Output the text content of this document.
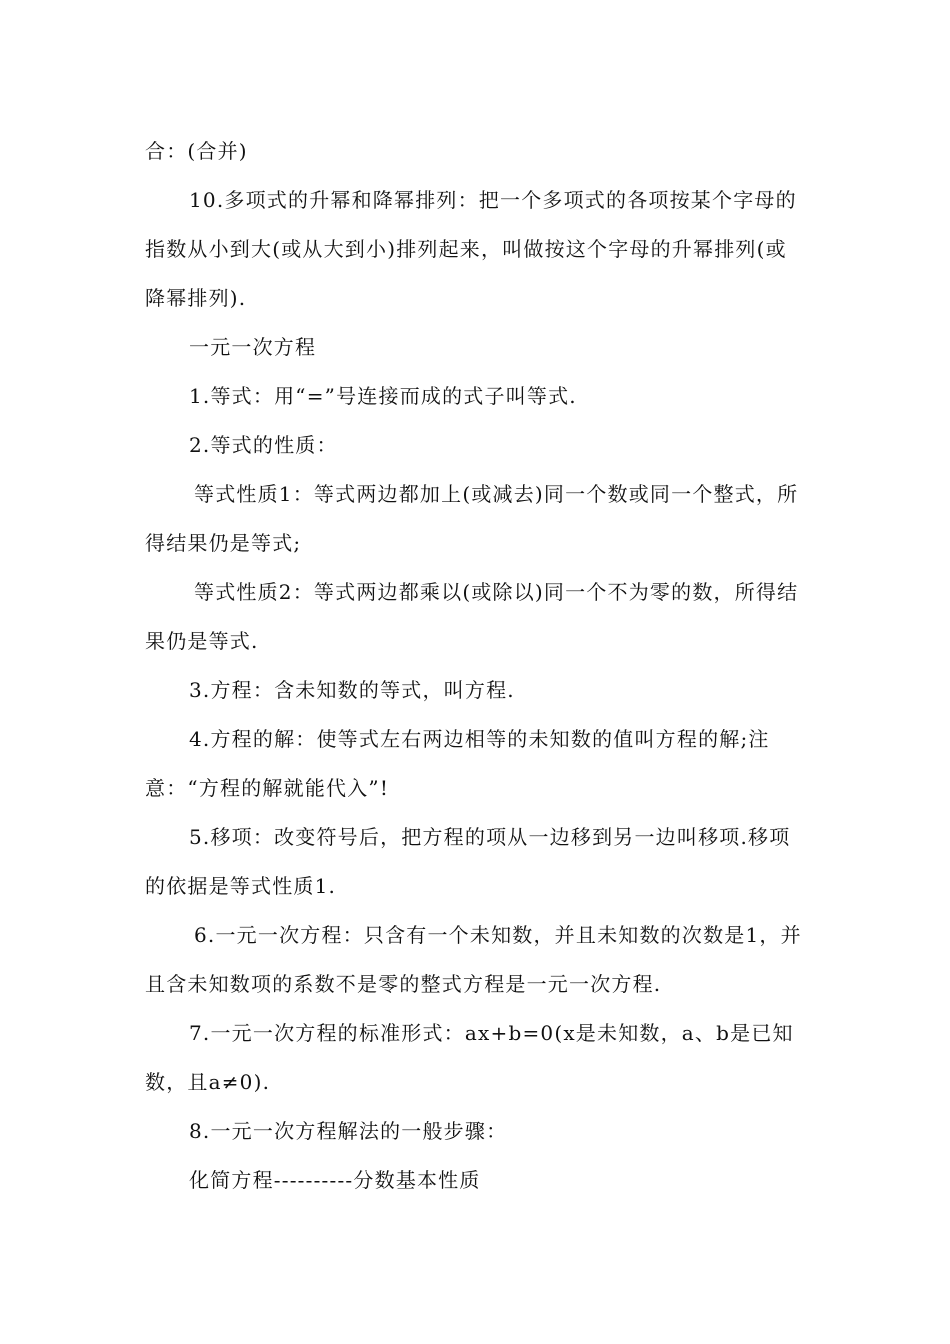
合：(合并)

10.多项式的升幂和降幂排列：把一个多项式的各项按某个字母的指数从小到大(或从大到小)排列起来，叫做按这个字母的升幂排列(或降幂排列).

一元一次方程

1.等式：用“=”号连接而成的式子叫等式.

2.等式的性质：

等式性质1：等式两边都加上(或减去)同一个数或同一个整式，所得结果仍是等式;

等式性质2：等式两边都乘以(或除以)同一个不为零的数，所得结果仍是等式.

3.方程：含未知数的等式，叫方程.

4.方程的解：使等式左右两边相等的未知数的值叫方程的解;注意：“方程的解就能代入”!

5.移项：改变符号后，把方程的项从一边移到另一边叫移项.移项的依据是等式性质1.

6.一元一次方程：只含有一个未知数，并且未知数的次数是1，并且含未知数项的系数不是零的整式方程是一元一次方程.

7.一元一次方程的标准形式：ax+b=0(x是未知数，a、b是已知数，且a≠0).

8.一元一次方程解法的一般步骤：

化简方程----------分数基本性质
